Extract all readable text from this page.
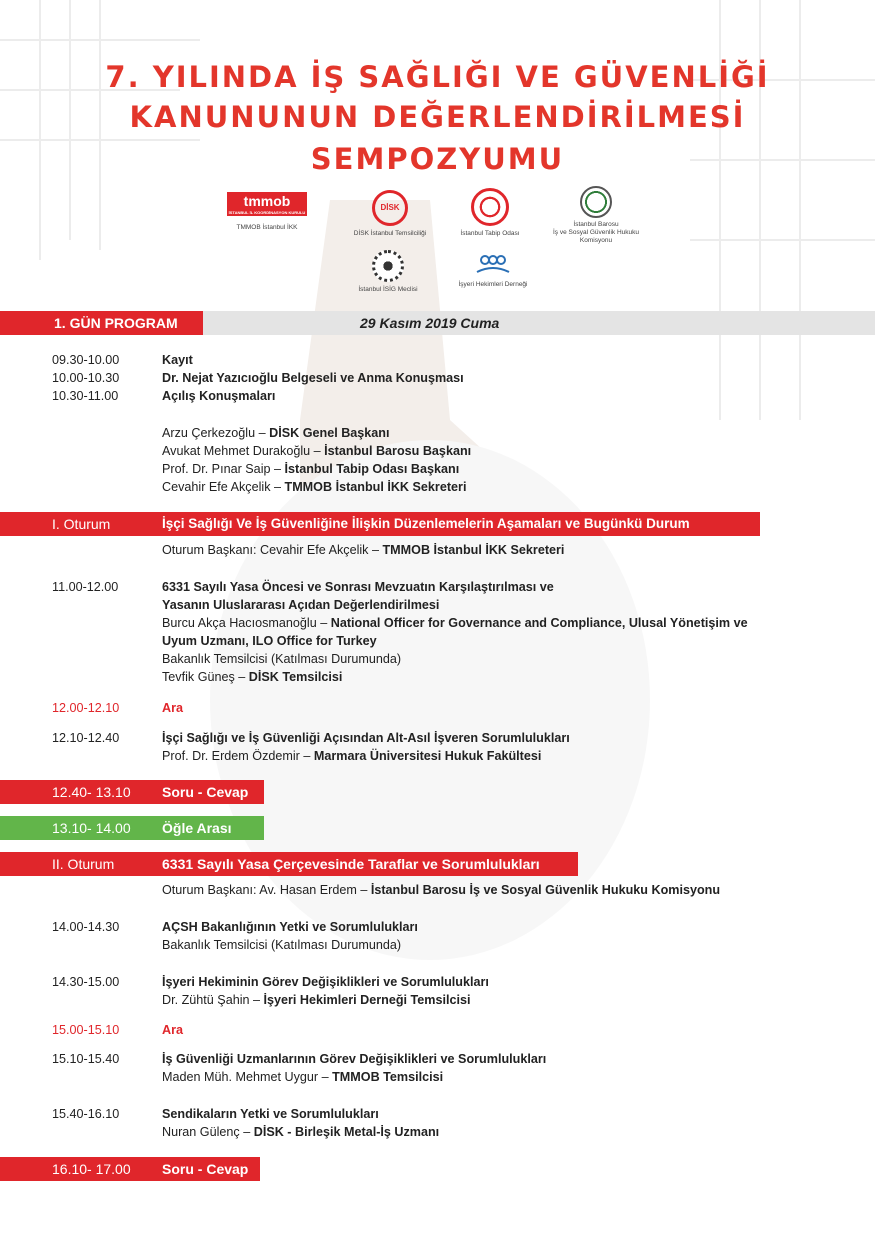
7. YILINDA İŞ SAĞLIĞI VE GÜVENLİĞİ
KANUNUNUN DEĞERLENDİRİLMESİ
SEMPOZYUMU
tmmob
İSTANBUL İL KOORDİNASYON KURULU
TMMOB İstanbul İKK
DİSK
DİSK İstanbul Temsilciliği	İstanbul Tabip Odası
İstanbul Barosu
İş ve Sosyal Güvenlik Hukuku Komisyonu
İstanbul İSİG Meclisi
İşyeri Hekimleri Derneği
1. GÜN PROGRAM	29 Kasım 2019 Cuma
09.30-10.00	Kayıt
10.00-10.30	Dr. Nejat Yazıcıoğlu Belgeseli ve Anma Konuşması
10.30-11.00	Açılış Konuşmaları
Arzu Çerkezoğlu – DİSK Genel Başkanı
Avukat Mehmet Durakoğlu – İstanbul Barosu Başkanı
Prof. Dr. Pınar Saip – İstanbul Tabip Odası Başkanı
Cevahir Efe Akçelik – TMMOB İstanbul İKK Sekreteri
I. Oturum	İşçi Sağlığı Ve İş Güvenliğine İlişkin Düzenlemelerin Aşamaları ve Bugünkü Durum
Oturum Başkanı: Cevahir Efe Akçelik – TMMOB İstanbul İKK Sekreteri
11.00-12.00	6331 Sayılı Yasa Öncesi ve Sonrası Mevzuatın Karşılaştırılması ve
Yasanın Uluslararası Açıdan Değerlendirilmesi
Burcu Akça Hacıosmanoğlu – National Officer for Governance and Compliance, Ulusal Yönetişim ve
Uyum Uzmanı, ILO Office for Turkey
Bakanlık Temsilcisi (Katılması Durumunda)
Tevfik Güneş – DİSK Temsilcisi
12.00-12.10	Ara
12.10-12.40	İşçi Sağlığı ve İş Güvenliği Açısından Alt-Asıl İşveren Sorumlulukları
Prof. Dr. Erdem Özdemir – Marmara Üniversitesi Hukuk Fakültesi
12.40- 13.10 Soru - Cevap
13.10- 14.00 Öğle Arası
II. Oturum	6331 Sayılı Yasa Çerçevesinde Taraflar ve Sorumlulukları
Oturum Başkanı: Av. Hasan Erdem – İstanbul Barosu İş ve Sosyal Güvenlik Hukuku Komisyonu
14.00-14.30	AÇSH Bakanlığının Yetki ve Sorumlulukları
Bakanlık Temsilcisi (Katılması Durumunda)
14.30-15.00	İşyeri Hekiminin Görev Değişiklikleri ve Sorumlulukları
Dr. Zühtü Şahin – İşyeri Hekimleri Derneği Temsilcisi
15.00-15.10	Ara
15.10-15.40	İş Güvenliği Uzmanlarının Görev Değişiklikleri ve Sorumlulukları
Maden Müh. Mehmet Uygur – TMMOB Temsilcisi
15.40-16.10	Sendikaların Yetki ve Sorumlulukları
Nuran Gülenç – DİSK - Birleşik Metal-İş Uzmanı
16.10- 17.00 Soru - Cevap
